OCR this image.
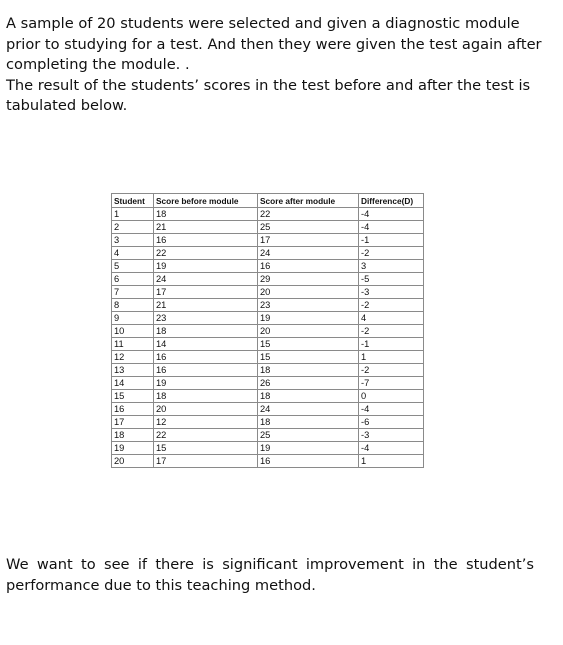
A sample of 20 students were selected and given a diagnostic module prior to studying for a test. And then they were given the test again after completing the module. .

The result of the students’ scores in the test before and after the test is tabulated below.

Student	Score before module	Score after module	Difference(D)
1	18	22	-4
2	21	25	-4
3	16	17	-1
4	22	24	-2
5	19	16	3
6	24	29	-5
7	17	20	-3
8	21	23	-2
9	23	19	4
10	18	20	-2
11	14	15	-1
12	16	15	1
13	16	18	-2
14	19	26	-7
15	18	18	0
16	20	24	-4
17	12	18	-6
18	22	25	-3
19	15	19	-4
20	17	16	1

We want to see if there is significant improvement in the student’s performance due to this teaching method.
